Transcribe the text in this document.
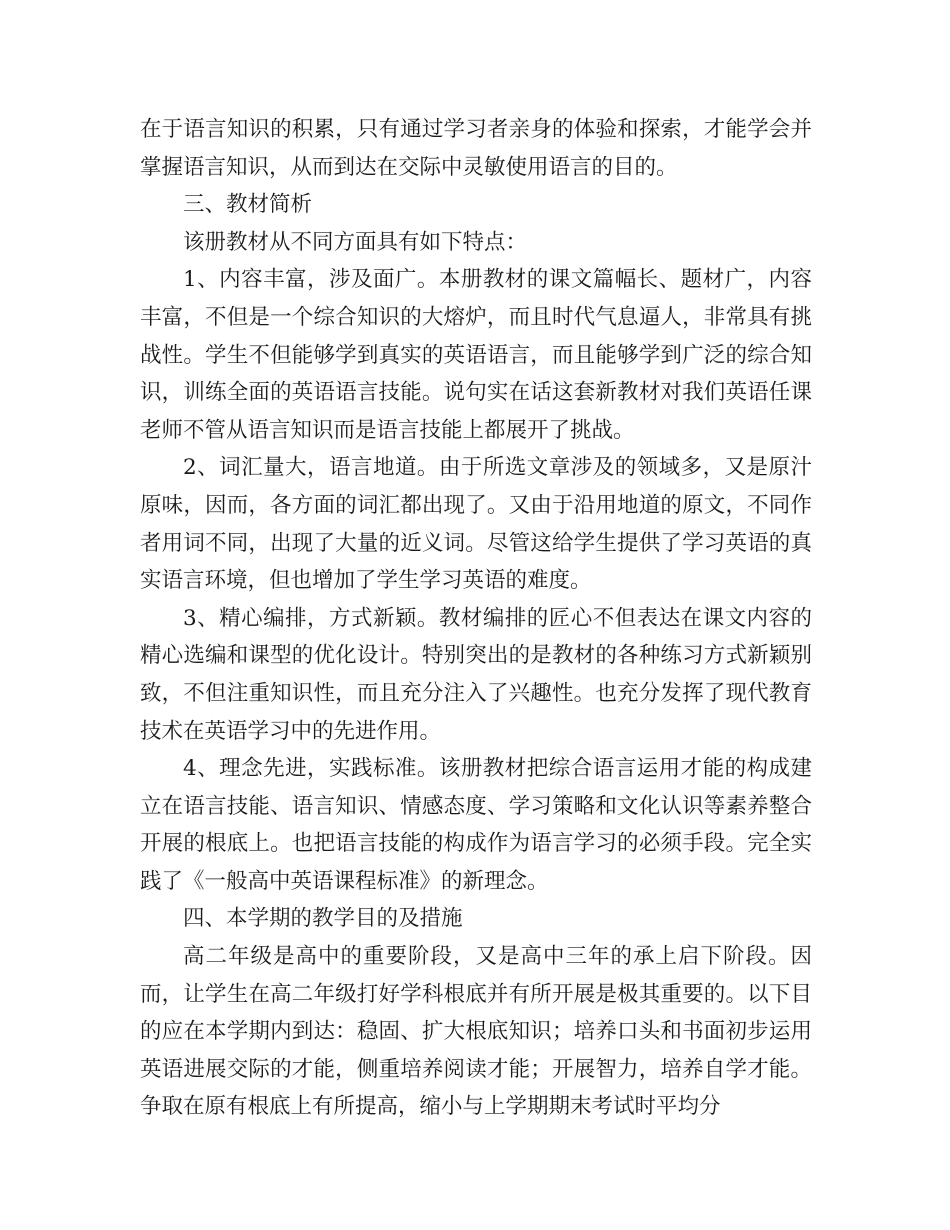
在于语言知识的积累，只有通过学习者亲身的体验和探索，才能学会并掌握语言知识，从而到达在交际中灵敏使用语言的目的。

三、教材简析

该册教材从不同方面具有如下特点：

1、内容丰富，涉及面广。本册教材的课文篇幅长、题材广，内容丰富，不但是一个综合知识的大熔炉，而且时代气息逼人，非常具有挑战性。学生不但能够学到真实的英语语言，而且能够学到广泛的综合知识，训练全面的英语语言技能。说句实在话这套新教材对我们英语任课老师不管从语言知识而是语言技能上都展开了挑战。

2、词汇量大，语言地道。由于所选文章涉及的领域多，又是原汁原味，因而，各方面的词汇都出现了。又由于沿用地道的原文，不同作者用词不同，出现了大量的近义词。尽管这给学生提供了学习英语的真实语言环境，但也增加了学生学习英语的难度。

3、精心编排，方式新颖。教材编排的匠心不但表达在课文内容的精心选编和课型的优化设计。特别突出的是教材的各种练习方式新颖别致，不但注重知识性，而且充分注入了兴趣性。也充分发挥了现代教育技术在英语学习中的先进作用。

4、理念先进，实践标准。该册教材把综合语言运用才能的构成建立在语言技能、语言知识、情感态度、学习策略和文化认识等素养整合开展的根底上。也把语言技能的构成作为语言学习的必须手段。完全实践了《一般高中英语课程标准》的新理念。

四、本学期的教学目的及措施

高二年级是高中的重要阶段，又是高中三年的承上启下阶段。因而，让学生在高二年级打好学科根底并有所开展是极其重要的。以下目的应在本学期内到达：稳固、扩大根底知识；培养口头和书面初步运用英语进展交际的才能，侧重培养阅读才能；开展智力，培养自学才能。争取在原有根底上有所提高，缩小与上学期期末考试时平均分
